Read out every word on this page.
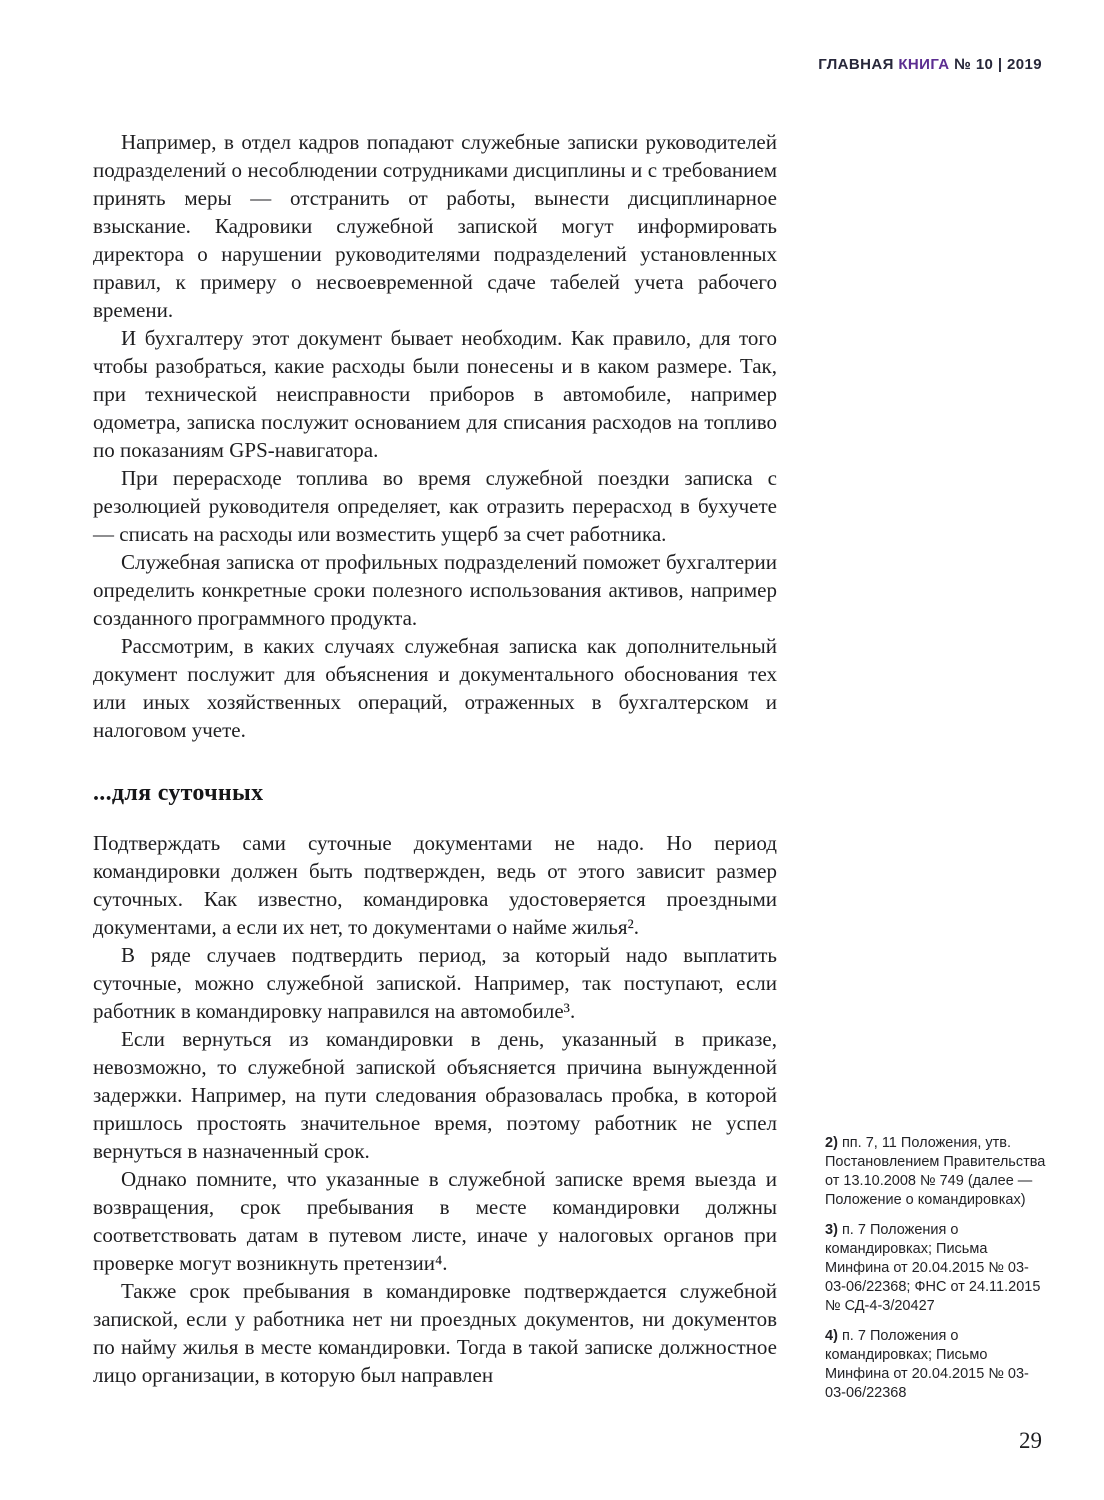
ГЛАВНАЯ КНИГА № 10 | 2019

Например, в отдел кадров попадают служебные записки руководителей подразделений о несоблюдении сотрудниками дисциплины и с требованием принять меры — отстранить от работы, вынести дисциплинарное взыскание. Кадровики служебной запиской могут информировать директора о нарушении руководителями подразделений установленных правил, к примеру о несвоевременной сдаче табелей учета рабочего времени.

И бухгалтеру этот документ бывает необходим. Как правило, для того чтобы разобраться, какие расходы были понесены и в каком размере. Так, при технической неисправности приборов в автомобиле, например одометра, записка послужит основанием для списания расходов на топливо по показаниям GPS-навигатора.

При перерасходе топлива во время служебной поездки записка с резолюцией руководителя определяет, как отразить перерасход в бухучете — списать на расходы или возместить ущерб за счет работника.

Служебная записка от профильных подразделений поможет бухгалтерии определить конкретные сроки полезного использования активов, например созданного программного продукта.

Рассмотрим, в каких случаях служебная записка как дополнительный документ послужит для объяснения и документального обоснования тех или иных хозяйственных операций, отраженных в бухгалтерском и налоговом учете.

...для суточных

Подтверждать сами суточные документами не надо. Но период командировки должен быть подтвержден, ведь от этого зависит размер суточных. Как известно, командировка удостоверяется проездными документами, а если их нет, то документами о найме жилья².

В ряде случаев подтвердить период, за который надо выплатить суточные, можно служебной запиской. Например, так поступают, если работник в командировку направился на автомобиле³.

Если вернуться из командировки в день, указанный в приказе, невозможно, то служебной запиской объясняется причина вынужденной задержки. Например, на пути следования образовалась пробка, в которой пришлось простоять значительное время, поэтому работник не успел вернуться в назначенный срок.

Однако помните, что указанные в служебной записке время выезда и возвращения, срок пребывания в месте командировки должны соответствовать датам в путевом листе, иначе у налоговых органов при проверке могут возникнуть претензии⁴.

Также срок пребывания в командировке подтверждается служебной запиской, если у работника нет ни проездных документов, ни документов по найму жилья в месте командировки. Тогда в такой записке должностное лицо организации, в которую был направлен

2) пп. 7, 11 Положения, утв. Постановлением Правительства от 13.10.2008 № 749 (далее — Положение о командировках)
3) п. 7 Положения о командировках; Письма Минфина от 20.04.2015 № 03-03-06/22368; ФНС от 24.11.2015 № СД-4-3/20427
4) п. 7 Положения о командировках; Письмо Минфина от 20.04.2015 № 03-03-06/22368
29
